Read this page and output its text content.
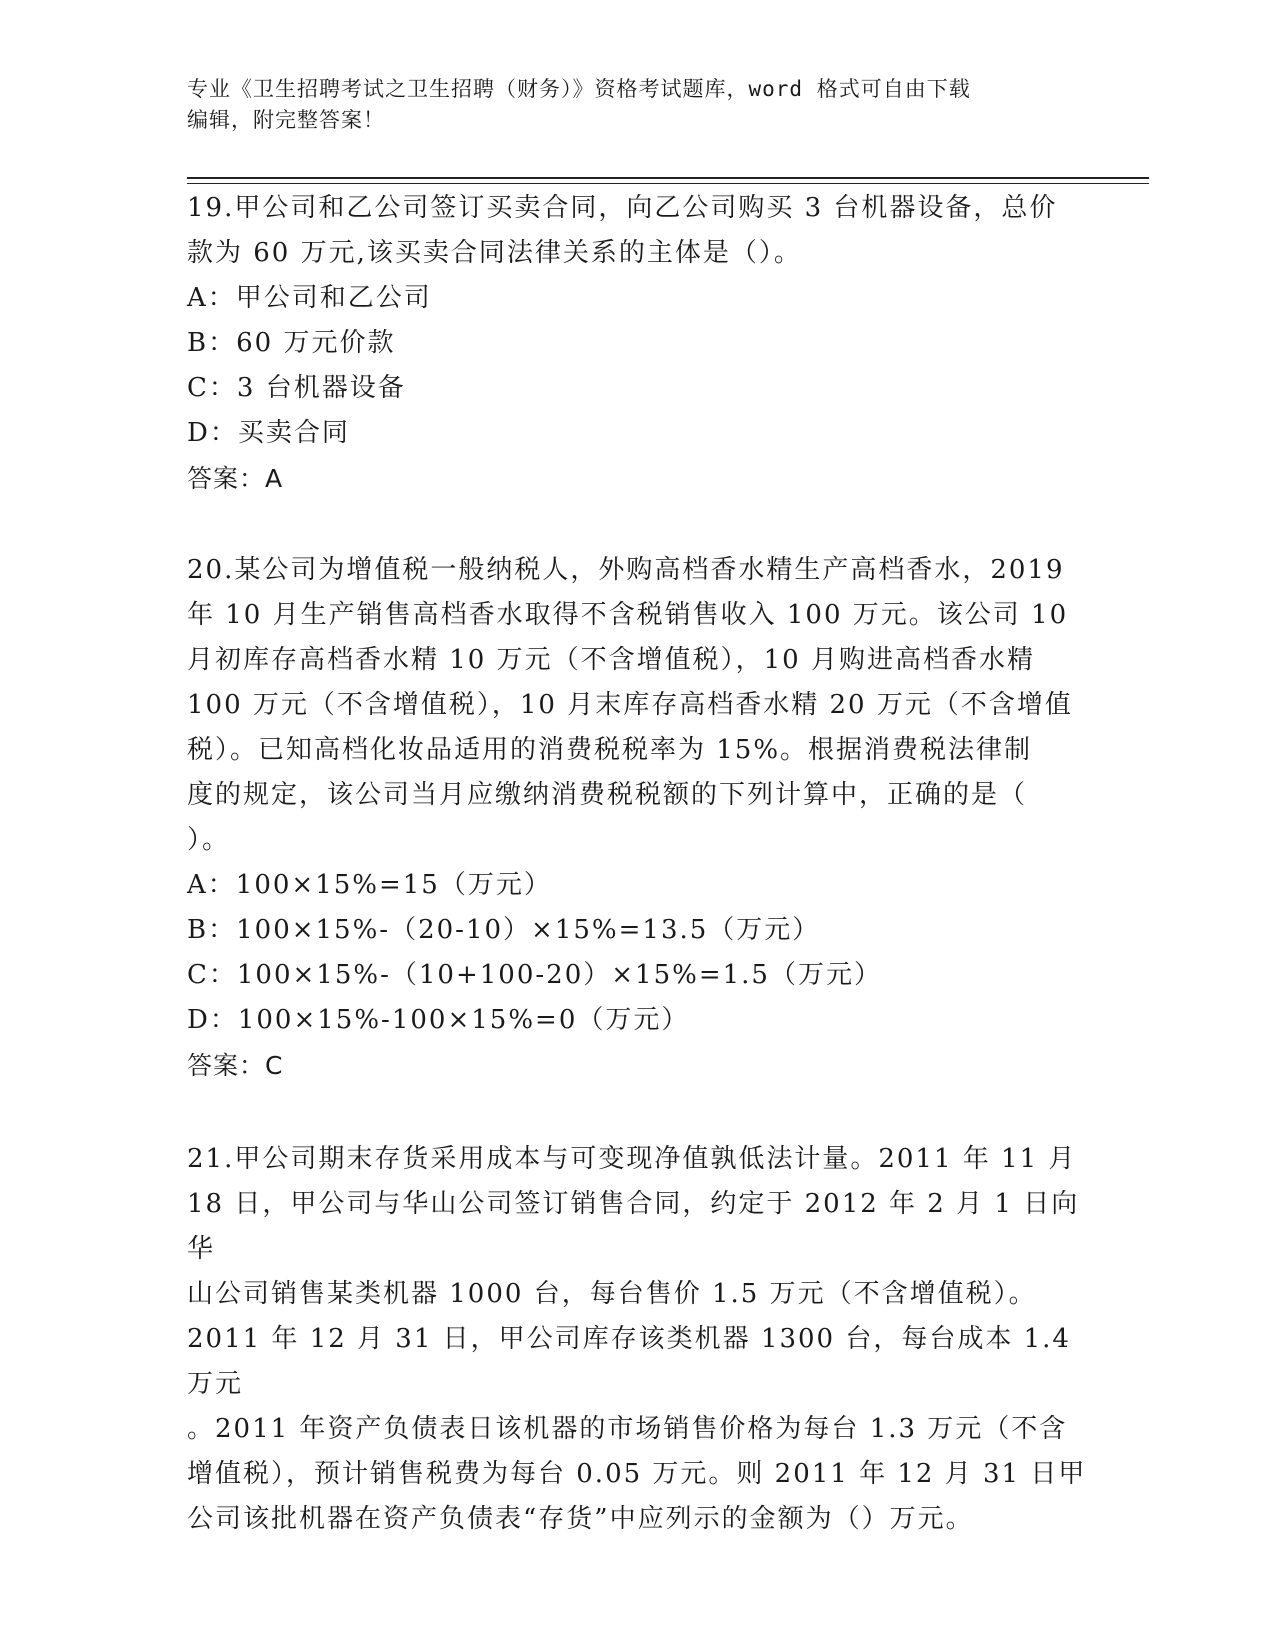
专业《卫生招聘考试之卫生招聘（财务）》资格考试题库，word 格式可自由下载
编辑，附完整答案！
19.甲公司和乙公司签订买卖合同，向乙公司购买 3 台机器设备，总价
款为 60 万元,该买卖合同法律关系的主体是（）。
A：甲公司和乙公司
B：60 万元价款
C：3 台机器设备
D：买卖合同
答案：A
20.某公司为增值税一般纳税人，外购高档香水精生产高档香水，2019
年 10 月生产销售高档香水取得不含税销售收入 100 万元。该公司 10
月初库存高档香水精 10 万元（不含增值税），10 月购进高档香水精
100 万元（不含增值税），10 月末库存高档香水精 20 万元（不含增值
税）。已知高档化妆品适用的消费税税率为 15%。根据消费税法律制
度的规定，该公司当月应缴纳消费税税额的下列计算中，正确的是（
）。
A：100×15%=15（万元）
B：100×15%-（20-10）×15%=13.5（万元）
C：100×15%-（10+100-20）×15%=1.5（万元）
D：100×15%-100×15%=0（万元）
答案：C
21.甲公司期末存货采用成本与可变现净值孰低法计量。2011 年 11 月
18 日，甲公司与华山公司签订销售合同，约定于 2012 年 2 月 1 日向华
山公司销售某类机器 1000 台，每台售价 1.5 万元（不含增值税）。
2011 年 12 月 31 日，甲公司库存该类机器 1300 台，每台成本 1.4 万元
。2011 年资产负债表日该机器的市场销售价格为每台 1.3 万元（不含
增值税），预计销售税费为每台 0.05 万元。则 2011 年 12 月 31 日甲
公司该批机器在资产负债表“存货”中应列示的金额为（）万元。
